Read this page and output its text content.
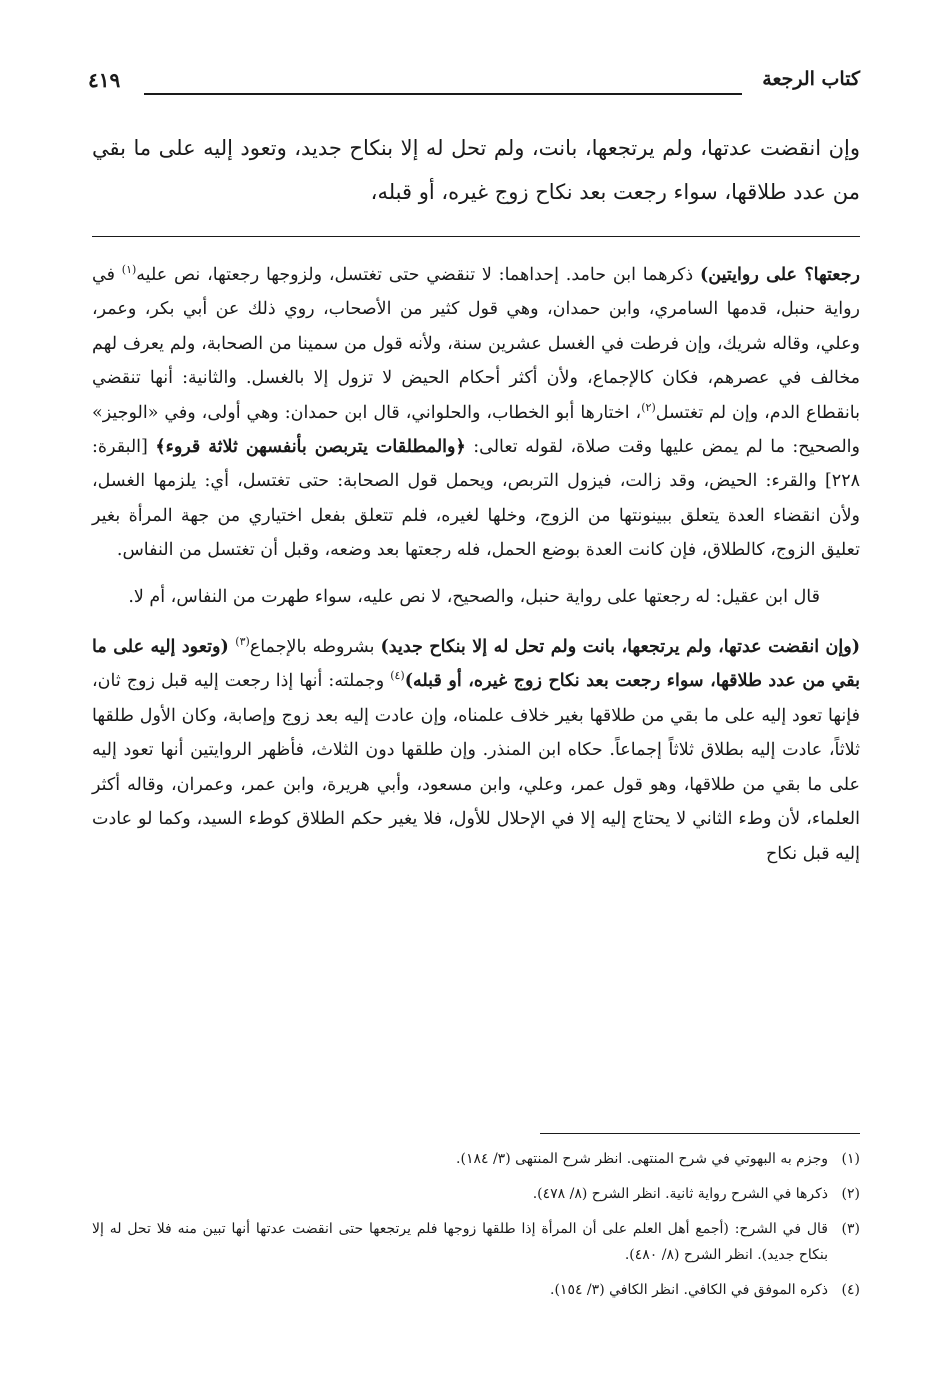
كتاب الرجعة
٤١٩
وإن انقضت عدتها، ولم يرتجعها، بانت، ولم تحل له إلا بنكاح جديد، وتعود إليه على ما بقي من عدد طلاقها، سواء رجعت بعد نكاح زوج غيره، أو قبله،

رجعتها؟ على روايتين) ذكرهما ابن حامد. إحداهما: لا تنقضي حتى تغتسل، ولزوجها رجعتها، نص عليه$^{(١)}$ في رواية حنبل، قدمها السامري، وابن حمدان، وهي قول كثير من الأصحاب، روي ذلك عن أبي بكر، وعمر، وعلي، وقاله شريك، وإن فرطت في الغسل عشرين سنة، ولأنه قول من سمينا من الصحابة، ولم يعرف لهم مخالف في عصرهم، فكان كالإجماع، ولأن أكثر أحكام الحيض لا تزول إلا بالغسل. والثانية: أنها تنقضي بانقطاع الدم، وإن لم تغتسل$^{(٢)}$، اختارها أبو الخطاب، والحلواني، قال ابن حمدان: وهي أولى، وفي «الوجيز» والصحيح: ما لم يمض عليها وقت صلاة، لقوله تعالى: ﴿والمطلقات يتربصن بأنفسهن ثلاثة قروء﴾ [البقرة: ٢٢٨] والقرء: الحيض، وقد زالت، فيزول التربص، ويحمل قول الصحابة: حتى تغتسل، أي: يلزمها الغسل، ولأن انقضاء العدة يتعلق ببينونتها من الزوج، وخلها لغيره، فلم تتعلق بفعل اختياري من جهة المرأة بغير تعليق الزوج، كالطلاق، فإن كانت العدة بوضع الحمل، فله رجعتها بعد وضعه، وقبل أن تغتسل من النفاس.

قال ابن عقيل: له رجعتها على رواية حنبل، والصحيح، لا نص عليه، سواء طهرت من النفاس، أم لا.

(وإن انقضت عدتها، ولم يرتجعها، بانت ولم تحل له إلا بنكاح جديد) بشروطه بالإجماع$^{(٣)}$ (وتعود إليه على ما بقي من عدد طلاقها، سواء رجعت بعد نكاح زوج غيره، أو قبله)$^{(٤)}$ وجملته: أنها إذا رجعت إليه قبل زوج ثان، فإنها تعود إليه على ما بقي من طلاقها بغير خلاف علمناه، وإن عادت إليه بعد زوج وإصابة، وكان الأول طلقها ثلاثاً، عادت إليه بطلاق ثلاثاً إجماعاً. حكاه ابن المنذر. وإن طلقها دون الثلاث، فأظهر الروايتين أنها تعود إليه على ما بقي من طلاقها، وهو قول عمر، وعلي، وابن مسعود، وأبي هريرة، وابن عمر، وعمران، وقاله أكثر العلماء، لأن وطء الثاني لا يحتاج إليه إلا في الإحلال للأول، فلا يغير حكم الطلاق كوطء السيد، وكما لو عادت إليه قبل نكاح

(١)
وجزم به البهوتي في شرح المنتهى. انظر شرح المنتهى (٣/ ١٨٤).
(٢)
ذكرها في الشرح رواية ثانية. انظر الشرح (٨/ ٤٧٨).
(٣)
قال في الشرح: (أجمع أهل العلم على أن المرأة إذا طلقها زوجها فلم يرتجعها حتى انقضت عدتها أنها تبين منه فلا تحل له إلا بنكاح جديد). انظر الشرح (٨/ ٤٨٠).
(٤)
ذكره الموفق في الكافي. انظر الكافي (٣/ ١٥٤).
